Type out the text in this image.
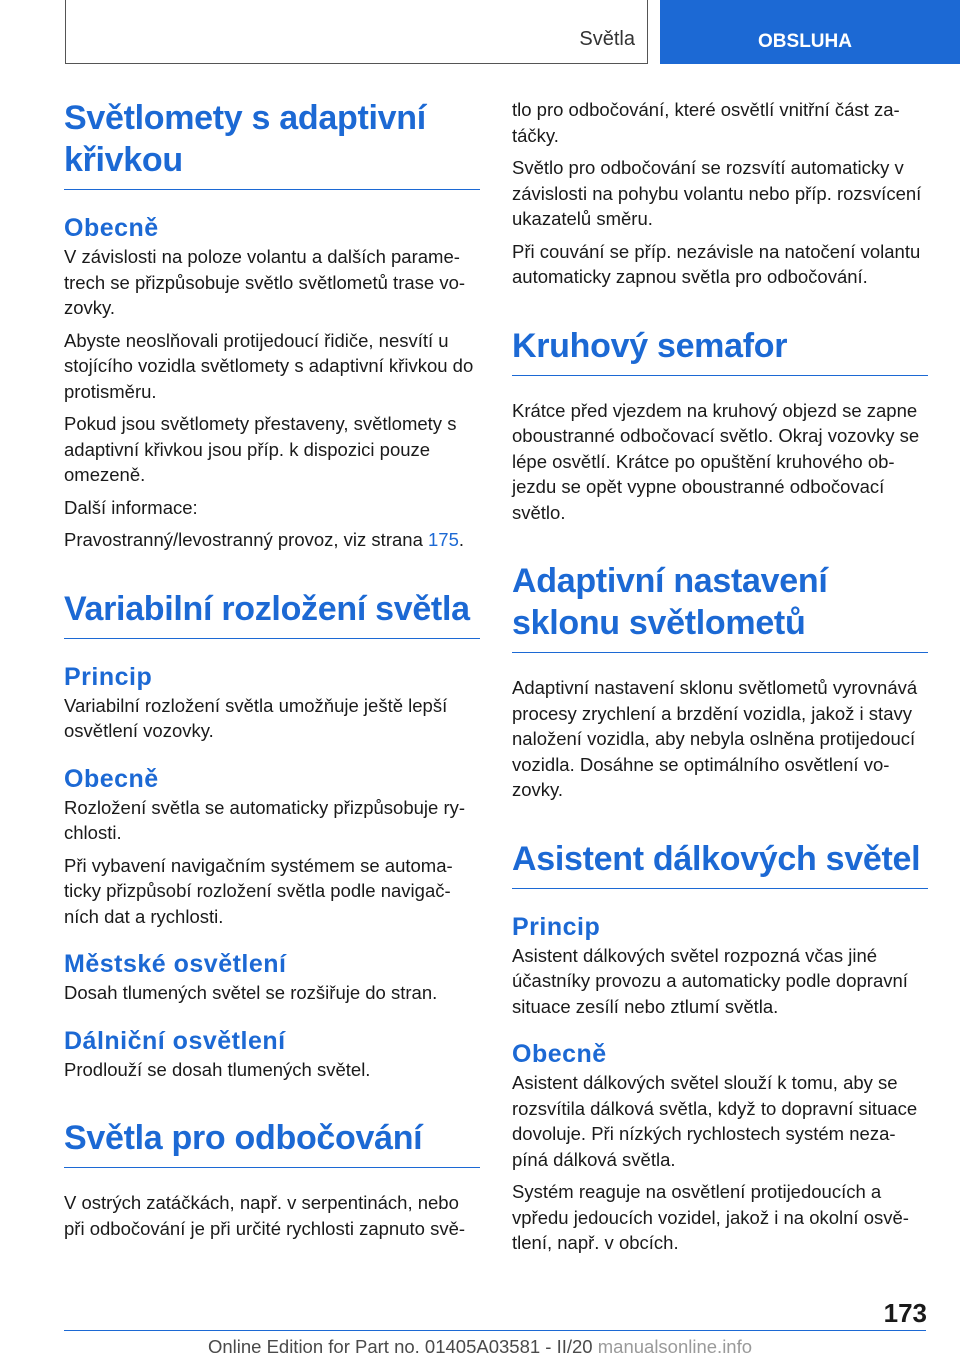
Světla	OBSLUHA
Světlomety s adaptivní křivkou
Obecně

V závislosti na poloze volantu a dalších parame-trech se přizpůsobuje světlo světlometů trase vo-zovky.

Abyste neoslňovali protijedoucí řidiče, nesvítí u stojícího vozidla světlomety s adaptivní křivkou do protisměru.

Pokud jsou světlomety přestaveny, světlomety s adaptivní křivkou jsou příp. k dispozici pouze omezeně.

Další informace:

Pravostranný/levostranný provoz, viz strana 175.

Variabilní rozložení světla
Princip

Variabilní rozložení světla umožňuje ještě lepší osvětlení vozovky.

Obecně

Rozložení světla se automaticky přizpůsobuje ry-chlosti.

Při vybavení navigačním systémem se automa-ticky přizpůsobí rozložení světla podle navigač-ních dat a rychlosti.

Městské osvětlení

Dosah tlumených světel se rozšiřuje do stran.

Dálniční osvětlení

Prodlouží se dosah tlumených světel.

Světla pro odbočování

V ostrých zatáčkách, např. v serpentinách, nebo při odbočování je při určité rychlosti zapnuto svě-

tlo pro odbočování, které osvětlí vnitřní část za-táčky.

Světlo pro odbočování se rozsvítí automaticky v závislosti na pohybu volantu nebo příp. rozsvícení ukazatelů směru.

Při couvání se příp. nezávisle na natočení volantu automaticky zapnou světla pro odbočování.

Kruhový semafor

Krátce před vjezdem na kruhový objezd se zapne oboustranné odbočovací světlo. Okraj vozovky se lépe osvětlí. Krátce po opuštění kruhového ob-jezdu se opět vypne oboustranné odbočovací světlo.

Adaptivní nastavení sklonu světlometů

Adaptivní nastavení sklonu světlometů vyrovnává procesy zrychlení a brzdění vozidla, jakož i stavy naložení vozidla, aby nebyla oslněna protijedoucí vozidla. Dosáhne se optimálního osvětlení vo-zovky.

Asistent dálkových světel
Princip

Asistent dálkových světel rozpozná včas jiné účastníky provozu a automaticky podle dopravní situace zesílí nebo ztlumí světla.

Obecně

Asistent dálkových světel slouží k tomu, aby se rozsvítila dálková světla, když to dopravní situace dovoluje. Při nízkých rychlostech systém neza-píná dálková světla.

Systém reaguje na osvětlení protijedoucích a vpředu jedoucích vozidel, jakož i na okolní osvě-tlení, např. v obcích.

173
Online Edition for Part no. 01405A03581 - II/20 manualsonline.info
